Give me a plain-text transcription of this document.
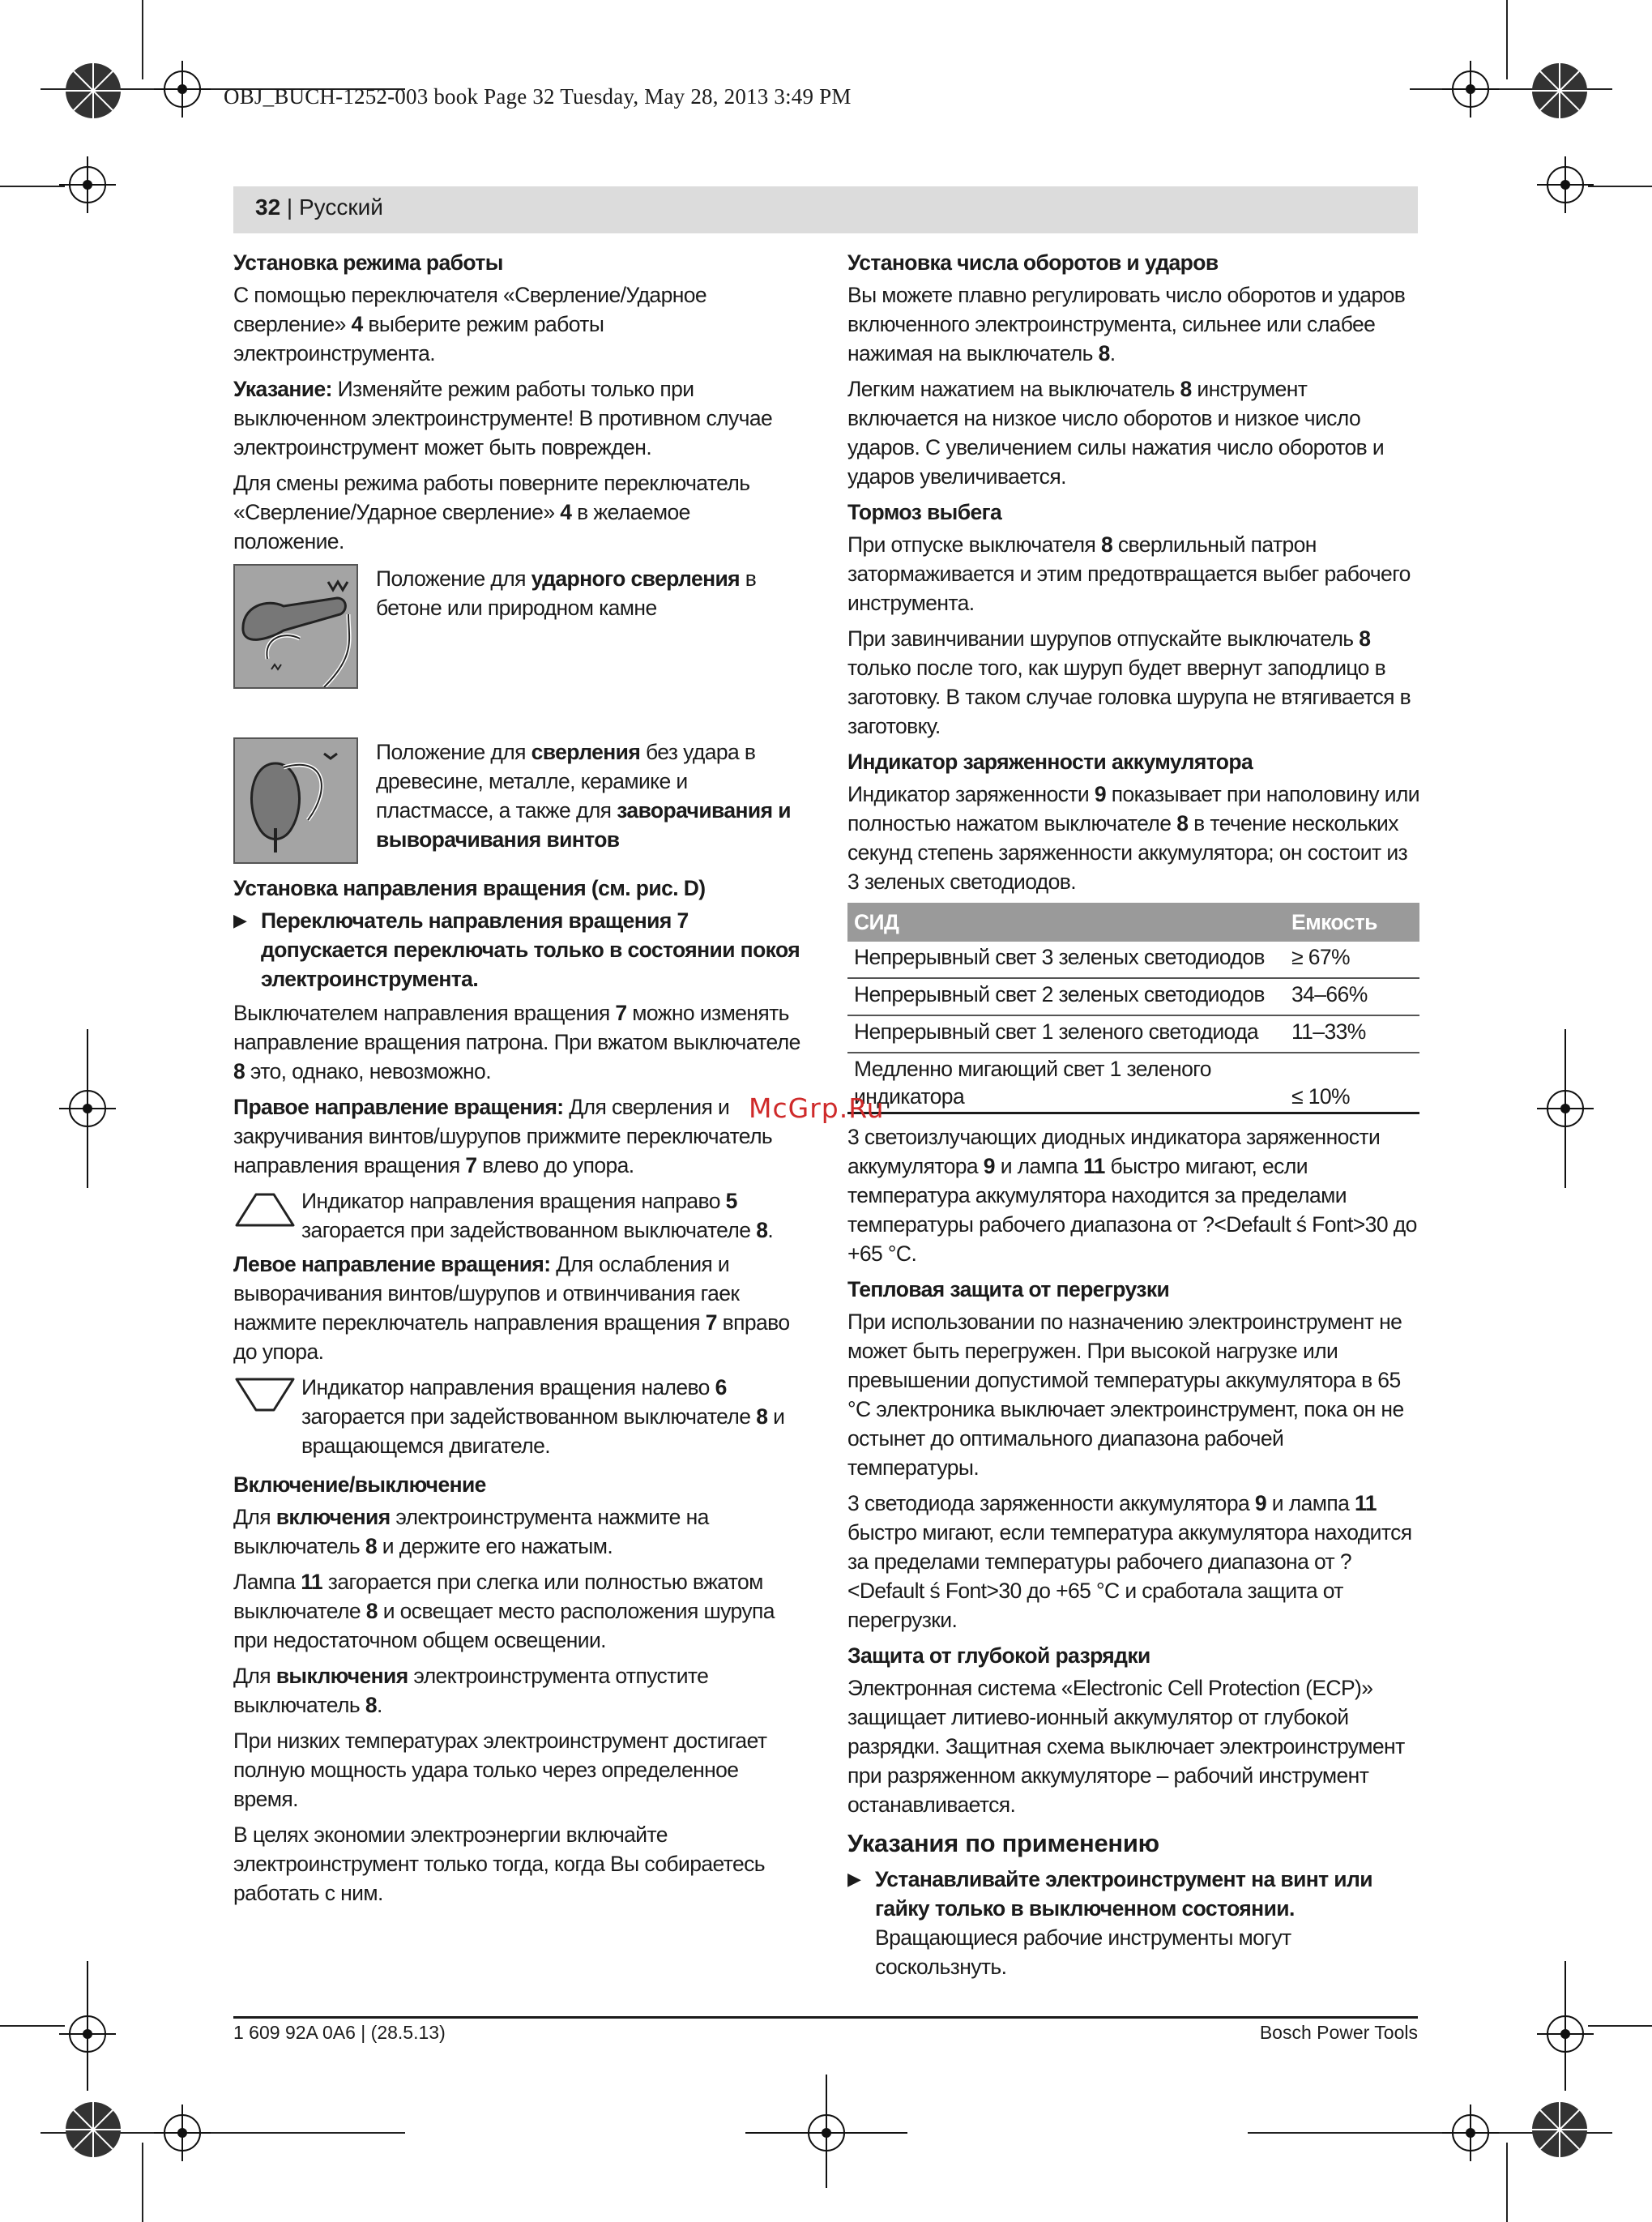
OBJ_BUCH-1252-003 book Page 32 Tuesday, May 28, 2013 3:49 PM
32 | Русский
Установка режима работы

С помощью переключателя «Сверление/Ударное сверление» 4 выберите режим работы электроинструмента.

Указание: Изменяйте режим работы только при выключенном электроинструменте! В противном случае электроинструмент может быть поврежден.

Для смены режима работы поверните переключатель «Сверление/Ударное сверление» 4 в желаемое положение.

Положение для ударного сверления в бетоне или природном камне
Положение для сверления без удара в древесине, металле, керамике и пластмассе, а также для заворачивания и выворачивания винтов
Установка направления вращения (см. рис. D)
▶ Переключатель направления вращения 7 допускается переключать только в состоянии покоя электроинструмента.

Выключателем направления вращения 7 можно изменять направление вращения патрона. При вжатом выключателе 8 это, однако, невозможно.

Правое направление вращения: Для сверления и закручивания винтов/шурупов прижмите переключатель направления вращения 7 влево до упора.

Индикатор направления вращения направо 5 загорается при задействованном выключателе 8.

Левое направление вращения: Для ослабления и выворачивания винтов/шурупов и отвинчивания гаек нажмите переключатель направления вращения 7 вправо до упора.

Индикатор направления вращения налево 6 загорается при задействованном выключателе 8 и вращающемся двигателе.
Включение/выключение

Для включения электроинструмента нажмите на выключатель 8 и держите его нажатым.

Лампа 11 загорается при слегка или полностью вжатом выключателе 8 и освещает место расположения шурупа при недостаточном общем освещении.

Для выключения электроинструмента отпустите выключатель 8.

При низких температурах электроинструмент достигает полную мощность удара только через определенное время.

В целях экономии электроэнергии включайте электроинструмент только тогда, когда Вы собираетесь работать с ним.

Установка числа оборотов и ударов

Вы можете плавно регулировать число оборотов и ударов включенного электроинструмента, сильнее или слабее нажимая на выключатель 8.

Легким нажатием на выключатель 8 инструмент включается на низкое число оборотов и низкое число ударов. С увеличением силы нажатия число оборотов и ударов увеличивается.

Тормоз выбега

При отпуске выключателя 8 сверлильный патрон затормаживается и этим предотвращается выбег рабочего инструмента.

При завинчивании шурупов отпускайте выключатель 8 только после того, как шуруп будет ввернут заподлицо в заготовку. В таком случае головка шурупа не втягивается в заготовку.

Индикатор заряженности аккумулятора

Индикатор заряженности 9 показывает при наполовину или полностью нажатом выключателе 8 в течение нескольких секунд степень заряженности аккумулятора; он состоит из 3 зеленых светодиодов.

СИД	Емкость
Непрерывный свет 3 зеленых светодиодов	≥ 67%
Непрерывный свет 2 зеленых светодиодов	34–66%
Непрерывный свет 1 зеленого светодиода	11–33%
Медленно мигающий свет 1 зеленого индикатора	≤ 10%

3 светоизлучающих диодных индикатора заряженности аккумулятора 9 и лампа 11 быстро мигают, если температура аккумулятора находится за пределами температуры рабочего диапазона от ?<Default ś Font>30 до +65 °C.

Тепловая защита от перегрузки

При использовании по назначению электроинструмент не может быть перегружен. При высокой нагрузке или превышении допустимой температуры аккумулятора в 65 °C электроника выключает электроинструмент, пока он не остынет до оптимального диапазона рабочей температуры.

3 светодиода заряженности аккумулятора 9 и лампа 11 быстро мигают, если температура аккумулятора находится за пределами температуры рабочего диапазона от ?<Default ś Font>30 до +65 °C и сработала защита от перегрузки.

Защита от глубокой разрядки

Электронная система «Electronic Cell Protection (ECP)» защищает литиево-ионный аккумулятор от глубокой разрядки. Защитная схема выключает электроинструмент при разряженном аккумуляторе – рабочий инструмент останавливается.

Указания по применению
▶ Устанавливайте электроинструмент на винт или гайку только в выключенном состоянии. Вращающиеся рабочие инструменты могут соскользнуть.
McGrp.Ru
1 609 92A 0A6 | (28.5.13)	Bosch Power Tools
